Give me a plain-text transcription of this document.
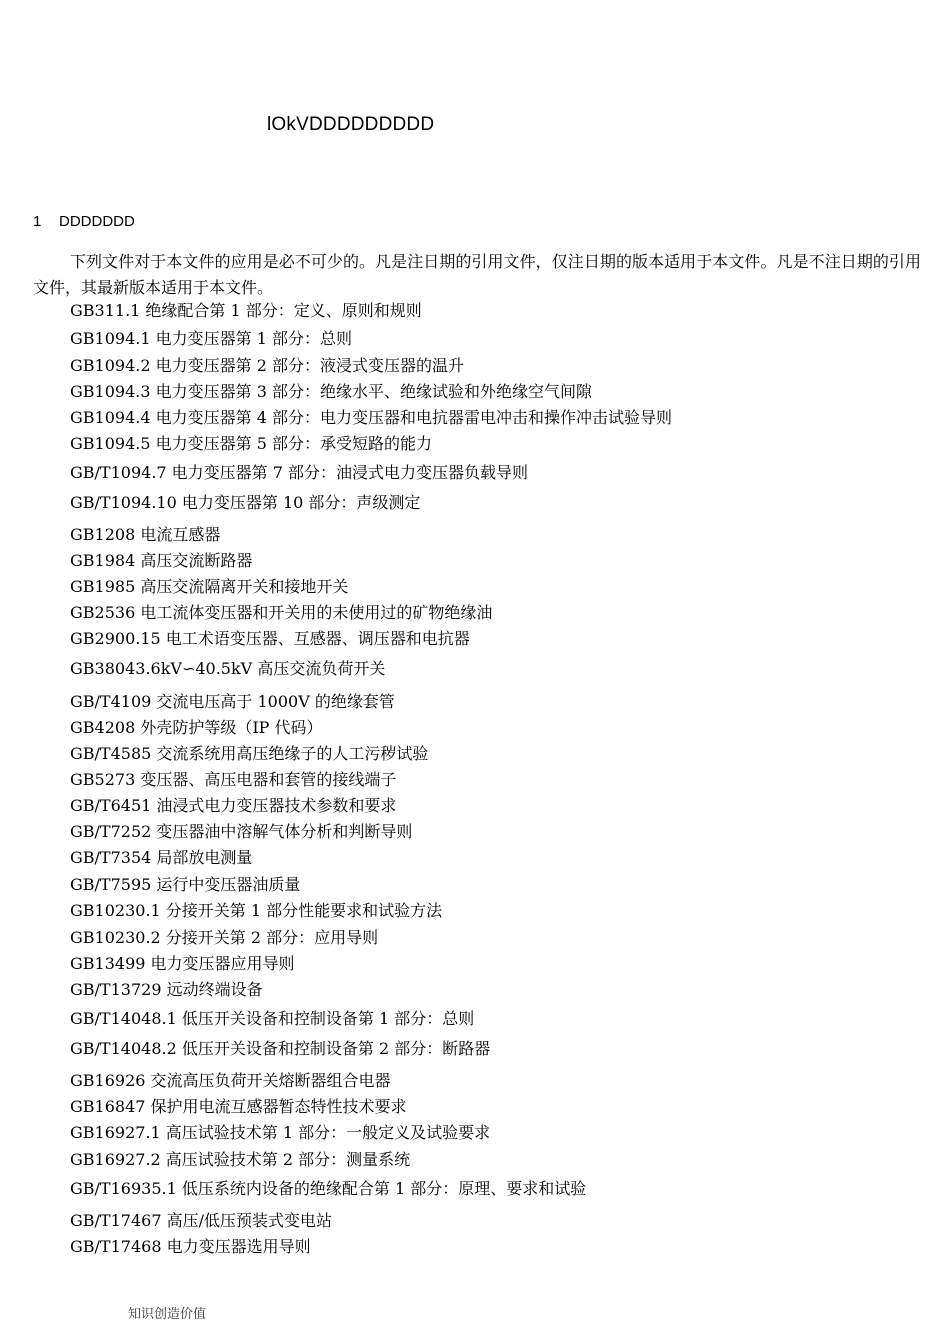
lOkVDDDDDDDDD
1 DDDDDDD

下列文件对于本文件的应用是必不可少的。凡是注日期的引用文件，仅注日期的版本适用于本文件。凡是不注日期的引用文件，其最新版本适用于本文件。

GB311.1 绝缘配合第 1 部分：定义、原则和规则
GB1094.1 电力变压器第 1 部分：总则
GB1094.2 电力变压器第 2 部分：液浸式变压器的温升
GB1094.3 电力变压器第 3 部分：绝缘水平、绝缘试验和外绝缘空气间隙
GB1094.4 电力变压器第 4 部分：电力变压器和电抗器雷电冲击和操作冲击试验导则
GB1094.5 电力变压器第 5 部分：承受短路的能力
GB/T1094.7 电力变压器第 7 部分：油浸式电力变压器负载导则
GB/T1094.10 电力变压器第 10 部分：声级测定
GB1208 电流互感器
GB1984 高压交流断路器
GB1985 高压交流隔离开关和接地开关
GB2536 电工流体变压器和开关用的未使用过的矿物绝缘油
GB2900.15 电工术语变压器、互感器、调压器和电抗器
GB38043.6kV∽40.5kV 高压交流负荷开关
GB/T4109 交流电压高于 1000V 的绝缘套管
GB4208 外壳防护等级（IP 代码）
GB/T4585 交流系统用高压绝缘子的人工污秽试验
GB5273 变压器、高压电器和套管的接线端子
GB/T6451 油浸式电力变压器技术参数和要求
GB/T7252 变压器油中溶解气体分析和判断导则
GB/T7354 局部放电测量
GB/T7595 运行中变压器油质量
GB10230.1 分接开关第 1 部分性能要求和试验方法
GB10230.2 分接开关第 2 部分：应用导则
GB13499 电力变压器应用导则
GB/T13729 远动终端设备
GB/T14048.1 低压开关设备和控制设备第 1 部分：总则
GB/T14048.2 低压开关设备和控制设备第 2 部分：断路器
GB16926 交流高压负荷开关熔断器组合电器
GB16847 保护用电流互感器暂态特性技术要求
GB16927.1 高压试验技术第 1 部分：一般定义及试验要求
GB16927.2 高压试验技术第 2 部分：测量系统
GB/T16935.1 低压系统内设备的绝缘配合第 1 部分：原理、要求和试验
GB/T17467 高压/低压预装式变电站
GB/T17468 电力变压器选用导则
知识创造价值
